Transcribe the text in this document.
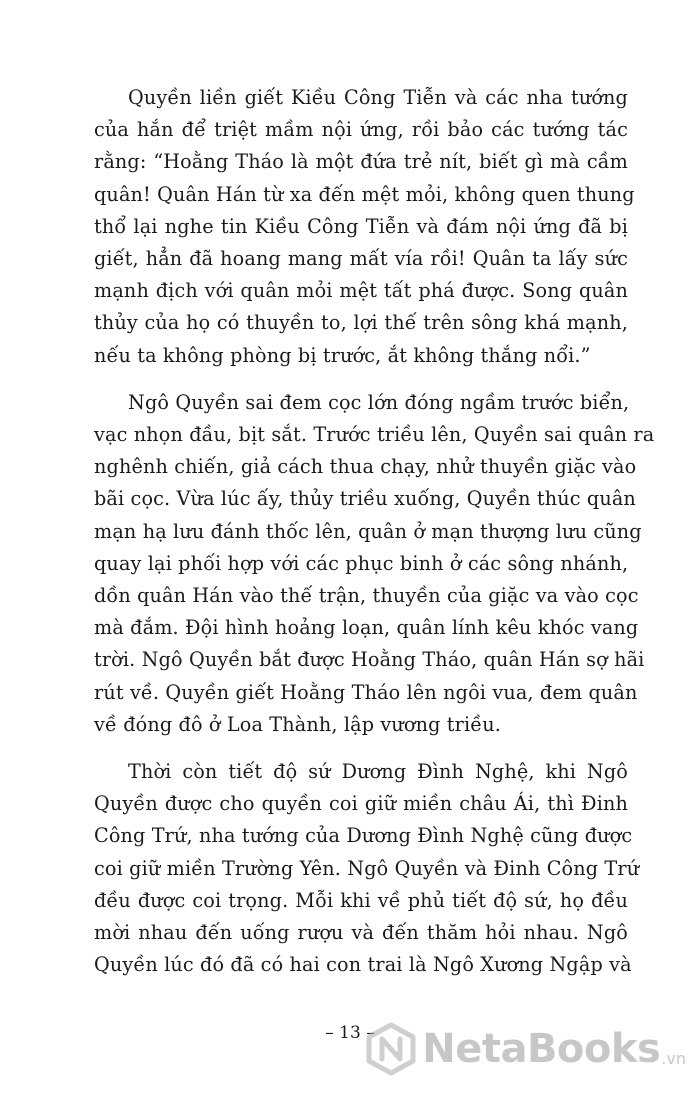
Quyền liền giết Kiều Công Tiễn và các nha tướng
của hắn để triệt mầm nội ứng, rồi bảo các tướng tác
rằng: “Hoằng Tháo là một đứa trẻ nít, biết gì mà cầm
quân! Quân Hán từ xa đến mệt mỏi, không quen thung
thổ lại nghe tin Kiều Công Tiễn và đám nội ứng đã bị
giết, hẳn đã hoang mang mất vía rồi! Quân ta lấy sức
mạnh địch với quân mỏi mệt tất phá được. Song quân
thủy của họ có thuyền to, lợi thế trên sông khá mạnh,
nếu ta không phòng bị trước, ắt không thắng nổi.”

Ngô Quyền sai đem cọc lớn đóng ngầm trước biển,
vạc nhọn đầu, bịt sắt. Trước triều lên, Quyền sai quân ra
nghênh chiến, giả cách thua chạy, nhử thuyền giặc vào
bãi cọc. Vừa lúc ấy, thủy triều xuống, Quyền thúc quân
mạn hạ lưu đánh thốc lên, quân ở mạn thượng lưu cũng
quay lại phối hợp với các phục binh ở các sông nhánh,
dồn quân Hán vào thế trận, thuyền của giặc va vào cọc
mà đắm. Đội hình hoảng loạn, quân lính kêu khóc vang
trời. Ngô Quyền bắt được Hoằng Tháo, quân Hán sợ hãi
rút về. Quyền giết Hoằng Tháo lên ngôi vua, đem quân
về đóng đô ở Loa Thành, lập vương triều.

Thời còn tiết độ sứ Dương Đình Nghệ, khi Ngô
Quyền được cho quyền coi giữ miền châu Ái, thì Đinh
Công Trứ, nha tướng của Dương Đình Nghệ cũng được
coi giữ miền Trường Yên. Ngô Quyền và Đinh Công Trứ
đều được coi trọng. Mỗi khi về phủ tiết độ sứ, họ đều
mời nhau đến uống rượu và đến thăm hỏi nhau. Ngô
Quyền lúc đó đã có hai con trai là Ngô Xương Ngập và

– 13 –	NetaBooks .vn
